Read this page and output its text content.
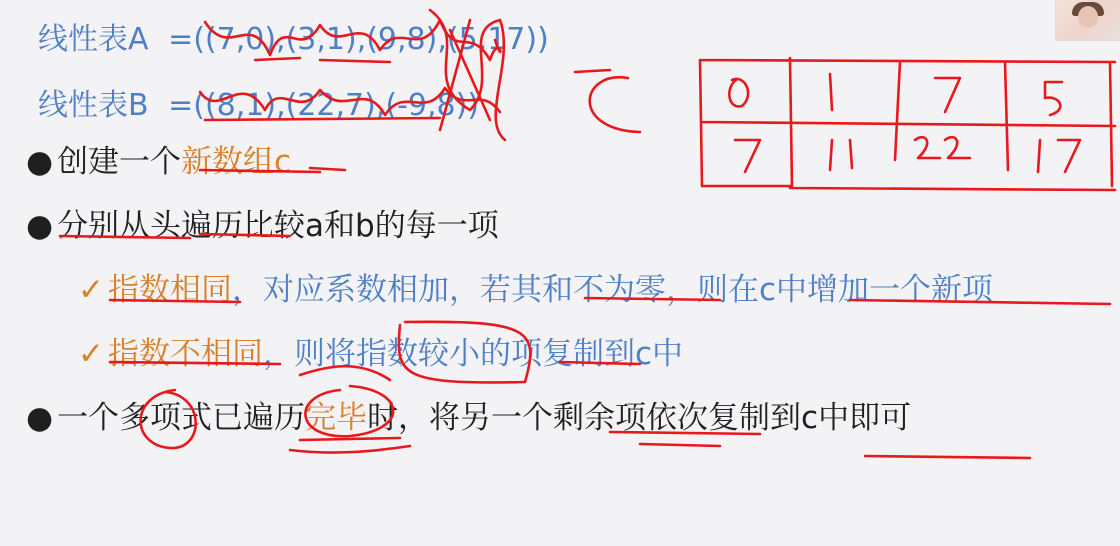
线性表A =((7,0),(3,1),(9,8),(5,17))
线性表B =((8,1),(22,7),(-9,8))
● 创建一个新数组c
● 分别从头遍历比较a和b的每一项
✓ 指数相同，对应系数相加，若其和不为零，则在c中增加一个新项
✓ 指数不相同，则将指数较小的项复制到c中
● 一个多项式已遍历完毕时，将另一个剩余项依次复制到c中即可
